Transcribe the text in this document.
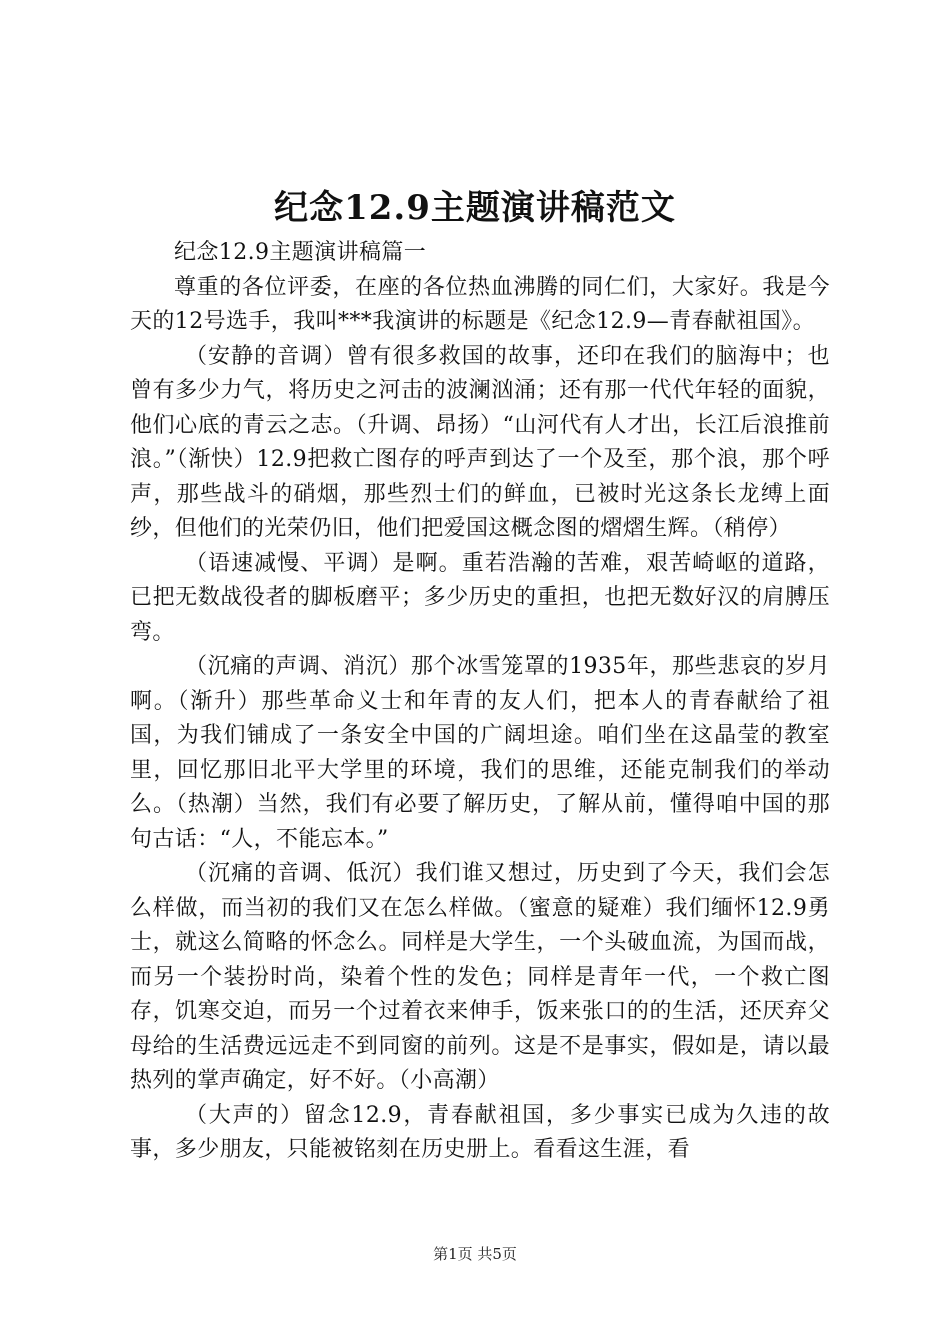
纪念12.9主题演讲稿范文

纪念12.9主题演讲稿篇一

尊重的各位评委，在座的各位热血沸腾的同仁们，大家好。我是今天的12号选手，我叫***我演讲的标题是《纪念12.9—青春献祖国》。

（安静的音调）曾有很多救国的故事，还印在我们的脑海中；也曾有多少力气，将历史之河击的波澜汹涌；还有那一代代年轻的面貌，他们心底的青云之志。（升调、昂扬）“山河代有人才出，长江后浪推前浪。”（渐快）12.9把救亡图存的呼声到达了一个及至，那个浪，那个呼声，那些战斗的硝烟，那些烈士们的鲜血，已被时光这条长龙缚上面纱，但他们的光荣仍旧，他们把爱国这概念图的熠熠生辉。（稍停）

（语速减慢、平调）是啊。重若浩瀚的苦难，艰苦崎岖的道路，已把无数战役者的脚板磨平；多少历史的重担，也把无数好汉的肩膊压弯。

（沉痛的声调、消沉）那个冰雪笼罩的1935年，那些悲哀的岁月啊。（渐升）那些革命义士和年青的友人们，把本人的青春献给了祖国，为我们铺成了一条安全中国的广阔坦途。咱们坐在这晶莹的教室里，回忆那旧北平大学里的环境，我们的思维，还能克制我们的举动么。（热潮）当然，我们有必要了解历史，了解从前，懂得咱中国的那句古话：“人，不能忘本。”

（沉痛的音调、低沉）我们谁又想过，历史到了今天，我们会怎么样做，而当初的我们又在怎么样做。（蜜意的疑难）我们缅怀12.9勇士，就这么简略的怀念么。同样是大学生，一个头破血流，为国而战，而另一个装扮时尚，染着个性的发色；同样是青年一代，一个救亡图存，饥寒交迫，而另一个过着衣来伸手，饭来张口的的生活，还厌弃父母给的生活费远远走不到同窗的前列。这是不是事实，假如是，请以最热列的掌声确定，好不好。（小高潮）

（大声的）留念12.9，青春献祖国，多少事实已成为久违的故事，多少朋友，只能被铭刻在历史册上。看看这生涯，看

第1页 共5页
